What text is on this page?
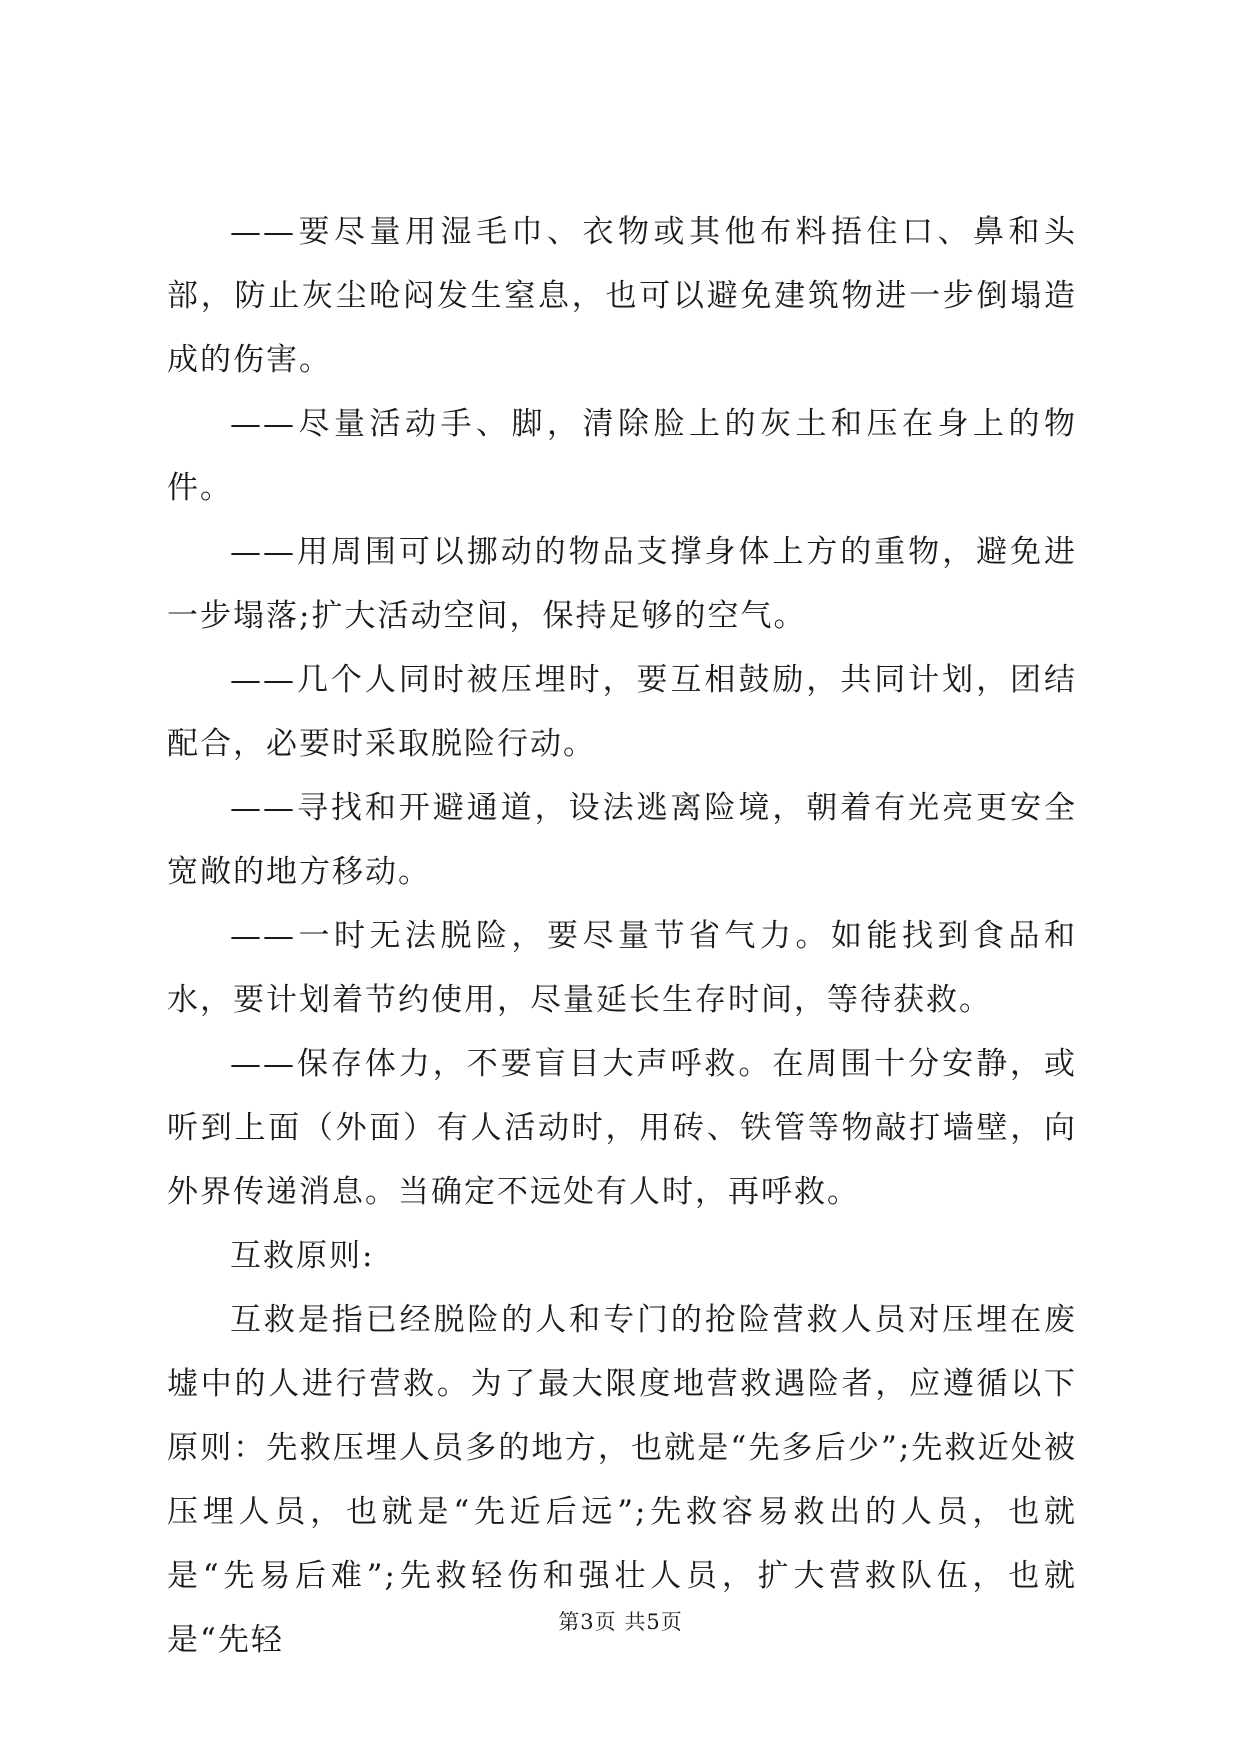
——要尽量用湿毛巾、衣物或其他布料捂住口、鼻和头部，防止灰尘呛闷发生窒息，也可以避免建筑物进一步倒塌造成的伤害。

——尽量活动手、脚，清除脸上的灰土和压在身上的物件。

——用周围可以挪动的物品支撑身体上方的重物，避免进一步塌落;扩大活动空间，保持足够的空气。

——几个人同时被压埋时，要互相鼓励，共同计划，团结配合，必要时采取脱险行动。

——寻找和开避通道，设法逃离险境，朝着有光亮更安全宽敞的地方移动。

——一时无法脱险，要尽量节省气力。如能找到食品和水，要计划着节约使用，尽量延长生存时间，等待获救。

——保存体力，不要盲目大声呼救。在周围十分安静，或听到上面（外面）有人活动时，用砖、铁管等物敲打墙壁，向外界传递消息。当确定不远处有人时，再呼救。

互救原则:

互救是指已经脱险的人和专门的抢险营救人员对压埋在废墟中的人进行营救。为了最大限度地营救遇险者，应遵循以下原则：先救压埋人员多的地方，也就是“先多后少”;先救近处被压埋人员，也就是“先近后远”;先救容易救出的人员，也就是“先易后难”;先救轻伤和强壮人员，扩大营救队伍，也就是“先轻	第3页 共5页
